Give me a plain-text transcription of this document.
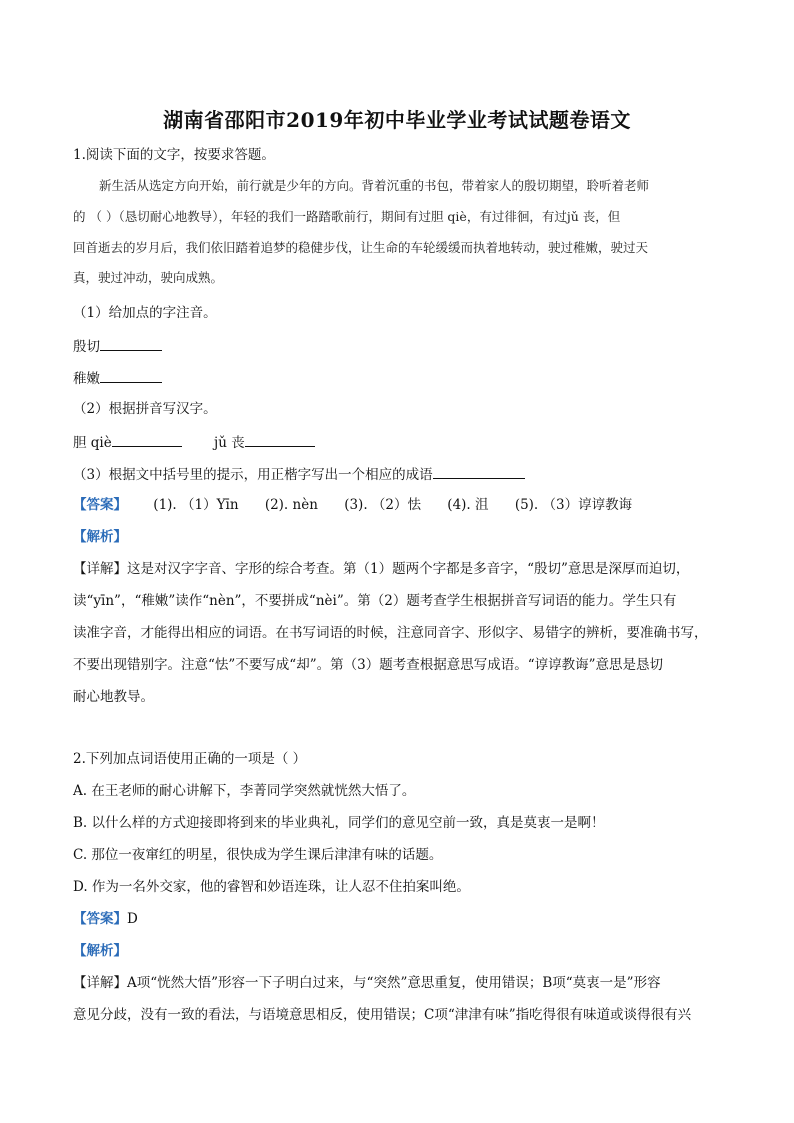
湖南省邵阳市2019年初中毕业学业考试试题卷语文
1.阅读下面的文字，按要求答题。
新生活从选定方向开始，前行就是少年的方向。背着沉重的书包，带着家人的殷切期望，聆听着老师
的 （ ）（恳切耐心地教导），年轻的我们一路踏歌前行，期间有过胆 qiè，有过徘徊，有过jǔ 丧，但
回首逝去的岁月后，我们依旧踏着追梦的稳健步伐，让生命的车轮缓缓而执着地转动，驶过稚嫩，驶过天
真，驶过冲动，驶向成熟。
（1）给加点的字注音。
殷切
稚嫩
（2）根据拼音写汉字。
胆 qiè	jǔ 丧
（3）根据文中括号里的提示，用正楷字写出一个相应的成语
【答案】 (1). （1）Yīn (2). nèn (3). （2）怯 (4). 沮 (5). （3）谆谆教诲
【解析】
【详解】这是对汉字字音、字形的综合考查。第（1）题两个字都是多音字，“殷切”意思是深厚而迫切，
读“yīn”，“稚嫩”读作“nèn”，不要拼成“nèi”。第（2）题考查学生根据拼音写词语的能力。学生只有
读准字音，才能得出相应的词语。在书写词语的时候，注意同音字、形似字、易错字的辨析，要准确书写，
不要出现错别字。注意“怯”不要写成“却”。第（3）题考查根据意思写成语。“谆谆教诲”意思是恳切
耐心地教导。
2.下列加点词语使用正确的一项是（ ）
A. 在王老师的耐心讲解下，李菁同学突然就恍然大悟了。
B. 以什么样的方式迎接即将到来的毕业典礼，同学们的意见空前一致，真是莫衷一是啊！
C. 那位一夜窜红的明星，很快成为学生课后津津有味的话题。
D. 作为一名外交家，他的睿智和妙语连珠，让人忍不住拍案叫绝。
【答案】D
【解析】
【详解】A项“恍然大悟”形容一下子明白过来，与“突然”意思重复，使用错误；B项“莫衷一是”形容
意见分歧，没有一致的看法，与语境意思相反，使用错误；C项“津津有味”指吃得很有味道或谈得很有兴
